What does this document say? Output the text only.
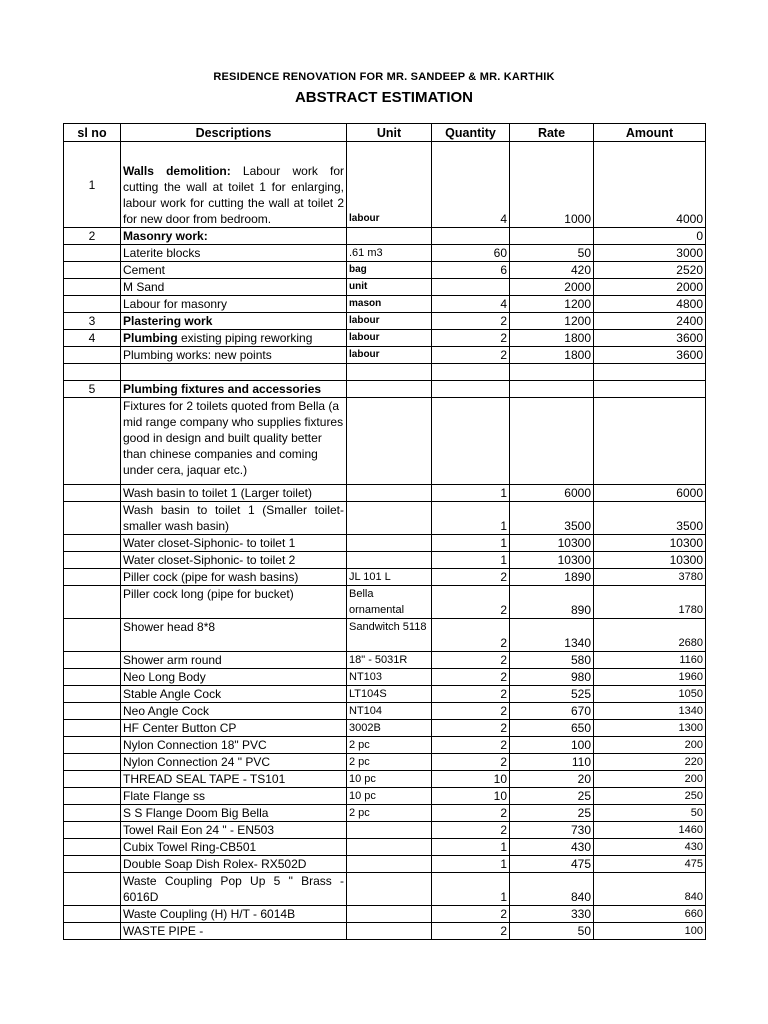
RESIDENCE RENOVATION FOR MR. SANDEEP & MR. KARTHIK
ABSTRACT ESTIMATION
sl no	Descriptions	Unit	Quantity	Rate	Amount
1	Walls demolition: Labour work for cutting the wall at toilet 1 for enlarging, labour work for cutting the wall at toilet 2 for new door from bedroom.	labour	4	1000	4000
2	Masonry work:				0
	Laterite blocks	.61 m3	60	50	3000
	Cement	bag	6	420	2520
	M Sand	unit		2000	2000
	Labour for masonry	mason	4	1200	4800
3	Plastering work	labour	2	1200	2400
4	Plumbing existing piping reworking	labour	2	1800	3600
	Plumbing works: new points	labour	2	1800	3600

5	Plumbing fixtures and accessories				
	Fixtures for 2 toilets quoted from Bella (a mid range company who supplies fixtures good in design and built quality better than chinese companies and coming under cera, jaquar etc.)				
	Wash basin to toilet 1 (Larger toilet)		1	6000	6000
	Wash basin to toilet 1 (Smaller toilet-smaller wash basin)		1	3500	3500
	Water closet-Siphonic- to toilet 1		1	10300	10300
	Water closet-Siphonic- to toilet 2		1	10300	10300
	Piller cock (pipe for wash basins)	JL 101 L	2	1890	3780
	Piller cock long (pipe for bucket)	Bella ornamental	2	890	1780
	Shower head 8*8	Sandwitch 5118	2	1340	2680
	Shower arm round	18" - 5031R	2	580	1160
	Neo Long Body	NT103	2	980	1960
	Stable Angle Cock	LT104S	2	525	1050
	Neo Angle Cock	NT104	2	670	1340
	HF Center Button CP	3002B	2	650	1300
	Nylon Connection 18" PVC	2 pc	2	100	200
	Nylon Connection 24 " PVC	2 pc	2	110	220
	THREAD SEAL TAPE - TS101	10 pc	10	20	200
	Flate Flange ss	10 pc	10	25	250
	S S Flange Doom Big Bella	2 pc	2	25	50
	Towel Rail Eon 24 " - EN503		2	730	1460
	Cubix Towel Ring-CB501		1	430	430
	Double Soap Dish Rolex- RX502D		1	475	475
	Waste Coupling Pop Up 5 " Brass - 6016D		1	840	840
	Waste Coupling (H) H/T - 6014B		2	330	660
	WASTE PIPE -		2	50	100
